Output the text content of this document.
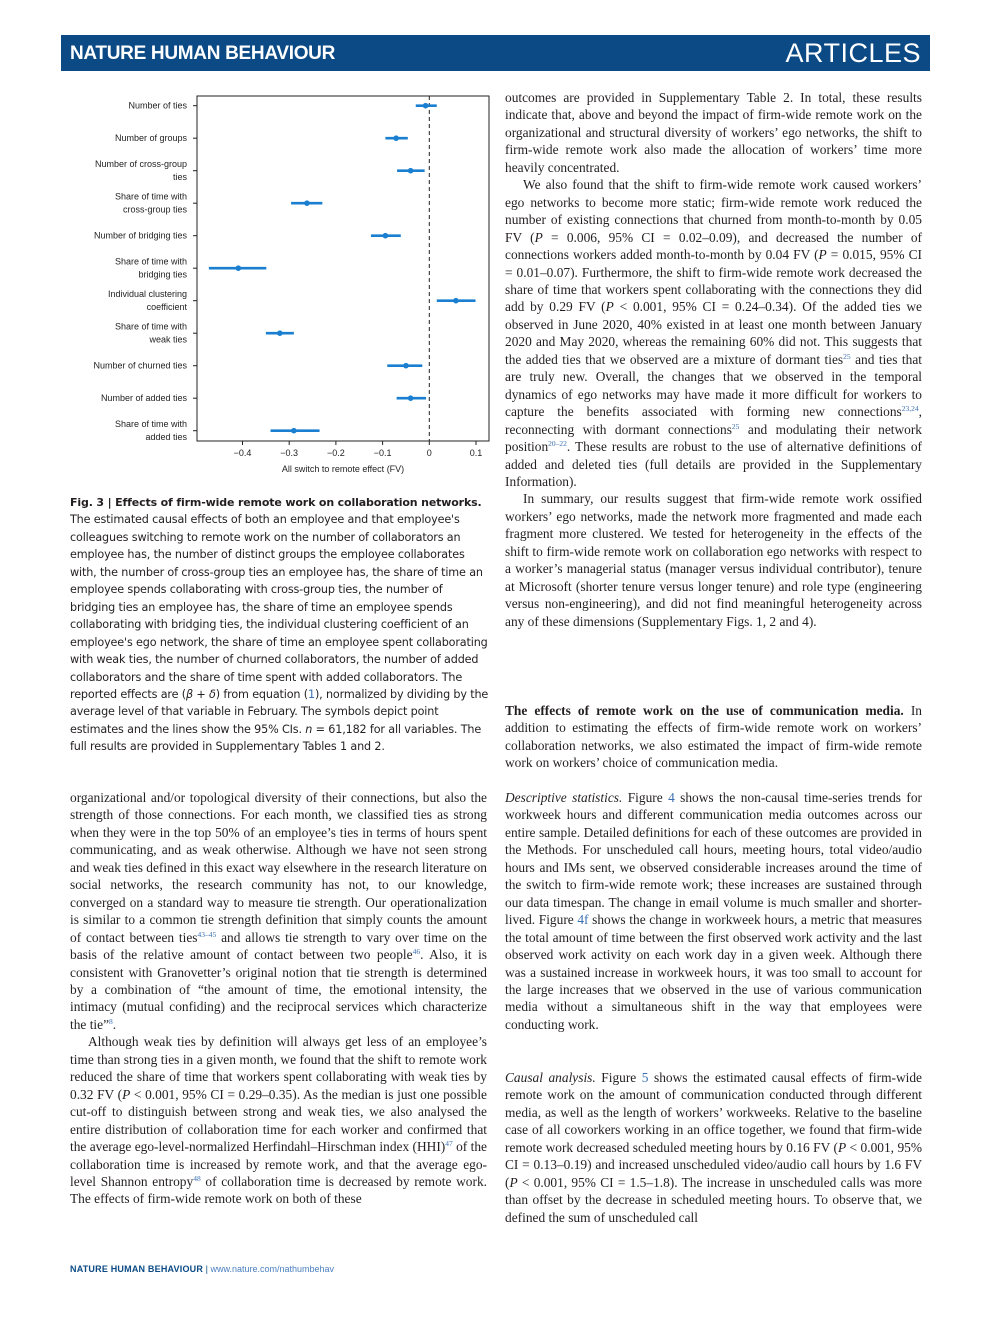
NATURE HUMAN BEHAVIOUR	ARTICLES
−0.4	−0.3	−0.2	−0.1	0	0.1
All switch to remote effect (FV)
Number of ties
Number of groups
Number of cross-group
ties
Share of time with
cross-group ties
Number of bridging ties
Share of time with
bridging ties
Individual clustering
coefficient
Share of time with
weak ties
Number of churned ties
Number of added ties
Share of time with
added ties

Fig. 3 | Effects of firm-wide remote work on collaboration networks. The estimated causal effects of both an employee and that employee's colleagues switching to remote work on the number of collaborators an employee has, the number of distinct groups the employee collaborates with, the number of cross-group ties an employee has, the share of time an employee spends collaborating with cross-group ties, the number of bridging ties an employee has, the share of time an employee spends collaborating with bridging ties, the individual clustering coefficient of an employee's ego network, the share of time an employee spent collaborating with weak ties, the number of churned collaborators, the number of added collaborators and the share of time spent with added collaborators. The reported effects are (β + δ) from equation (1), normalized by dividing by the average level of that variable in February. The symbols depict point estimates and the lines show the 95% CIs. n = 61,182 for all variables. The full results are provided in Supplementary Tables 1 and 2.

outcomes are provided in Supplementary Table 2. In total, these results indicate that, above and beyond the impact of firm-wide remote work on the organizational and structural diversity of workers’ ego networks, the shift to firm-wide remote work also made the allocation of workers’ time more heavily concentrated.

We also found that the shift to firm-wide remote work caused workers’ ego networks to become more static; firm-wide remote work reduced the number of existing connections that churned from month-to-month by 0.05 FV (P = 0.006, 95% CI = 0.02–0.09), and decreased the number of connections workers added month-to-month by 0.04 FV (P = 0.015, 95% CI = 0.01–0.07). Furthermore, the shift to firm-wide remote work decreased the share of time that workers spent collaborating with the connections they did add by 0.29 FV (P < 0.001, 95% CI = 0.24–0.34). Of the added ties we observed in June 2020, 40% existed in at least one month between January 2020 and May 2020, whereas the remaining 60% did not. This suggests that the added ties that we observed are a mixture of dormant ties$^{25}$ and ties that are truly new. Overall, the changes that we observed in the temporal dynamics of ego networks may have made it more difficult for workers to capture the benefits associated with forming new connections$^{23,24}$, reconnecting with dormant connections$^{25}$ and modulating their network position$^{20-22}$. These results are robust to the use of alternative definitions of added and deleted ties (full details are provided in the Supplementary Information).

In summary, our results suggest that firm-wide remote work ossified workers’ ego networks, made the network more fragmented and made each fragment more clustered. We tested for heterogeneity in the effects of the shift to firm-wide remote work on collaboration ego networks with respect to a worker’s managerial status (manager versus individual contributor), tenure at Microsoft (shorter tenure versus longer tenure) and role type (engineering versus non-engineering), and did not find meaningful heterogeneity across any of these dimensions (Supplementary Figs. 1, 2 and 4).

The effects of remote work on the use of communication media. In addition to estimating the effects of firm-wide remote work on workers’ collaboration networks, we also estimated the impact of firm-wide remote work on workers’ choice of communication media.

Descriptive statistics. Figure 4 shows the non-causal time-series trends for workweek hours and different communication media outcomes across our entire sample. Detailed definitions for each of these outcomes are provided in the Methods. For unscheduled call hours, meeting hours, total video/audio hours and IMs sent, we observed considerable increases around the time of the switch to firm-wide remote work; these increases are sustained through our data timespan. The change in email volume is much smaller and shorter-lived. Figure 4f shows the change in workweek hours, a metric that measures the total amount of time between the first observed work activity and the last observed work activity on each work day in a given week. Although there was a sustained increase in workweek hours, it was too small to account for the large increases that we observed in the use of various communication media without a simultaneous shift in the way that employees were conducting work.

Causal analysis. Figure 5 shows the estimated causal effects of firm-wide remote work on the amount of communication conducted through different media, as well as the length of workers’ workweeks. Relative to the baseline case of all coworkers working in an office together, we found that firm-wide remote work decreased scheduled meeting hours by 0.16 FV (P < 0.001, 95% CI = 0.13–0.19) and increased unscheduled video/audio call hours by 1.6 FV (P < 0.001, 95% CI = 1.5–1.8). The increase in unscheduled calls was more than offset by the decrease in scheduled meeting hours. To observe that, we defined the sum of unscheduled call

organizational and/or topological diversity of their connections, but also the strength of those connections. For each month, we classified ties as strong when they were in the top 50% of an employee’s ties in terms of hours spent communicating, and as weak otherwise. Although we have not seen strong and weak ties defined in this exact way elsewhere in the research literature on social networks, the research community has not, to our knowledge, converged on a standard way to measure tie strength. Our operationalization is similar to a common tie strength definition that simply counts the amount of contact between ties$^{43-45}$ and allows tie strength to vary over time on the basis of the relative amount of contact between two people$^{46}$. Also, it is consistent with Granovetter’s original notion that tie strength is determined by a combination of “the amount of time, the emotional intensity, the intimacy (mutual confiding) and the reciprocal services which characterize the tie”$^8$.

Although weak ties by definition will always get less of an employee’s time than strong ties in a given month, we found that the shift to remote work reduced the share of time that workers spent collaborating with weak ties by 0.32 FV (P < 0.001, 95% CI = 0.29–0.35). As the median is just one possible cut-off to distinguish between strong and weak ties, we also analysed the entire distribution of collaboration time for each worker and confirmed that the average ego-level-normalized Herfindahl–Hirschman index (HHI)$^{47}$ of the collaboration time is increased by remote work, and that the average ego-level Shannon entropy$^{48}$ of collaboration time is decreased by remote work. The effects of firm-wide remote work on both of these

NATURE HUMAN BEHAVIOUR | www.nature.com/nathumbehav
